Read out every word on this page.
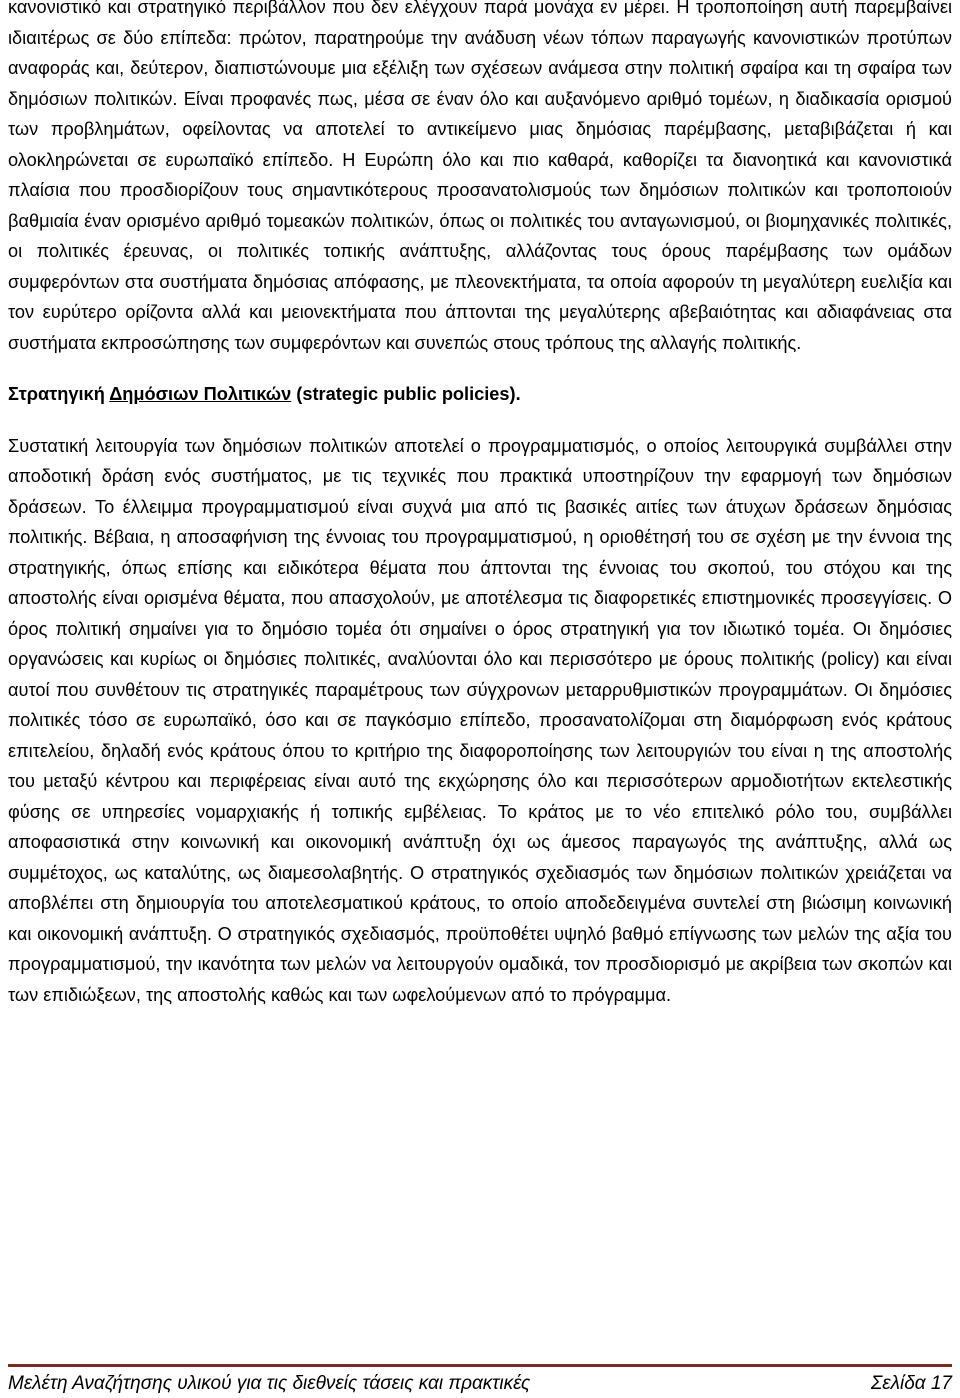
κανονιστικό και στρατηγικό περιβάλλον που δεν ελέγχουν παρά μονάχα εν μέρει. Η τροποποίηση αυτή παρεμβαίνει ιδιαιτέρως σε δύο επίπεδα: πρώτον, παρατηρούμε την ανάδυση νέων τόπων παραγωγής κανονιστικών προτύπων αναφοράς και, δεύτερον, διαπιστώνουμε μια εξέλιξη των σχέσεων ανάμεσα στην πολιτική σφαίρα και τη σφαίρα των δημόσιων πολιτικών. Είναι προφανές πως, μέσα σε έναν όλο και αυξανόμενο αριθμό τομέων, η διαδικασία ορισμού των προβλημάτων, οφείλοντας να αποτελεί το αντικείμενο μιας δημόσιας παρέμβασης, μεταβιβάζεται ή και ολοκληρώνεται σε ευρωπαϊκό επίπεδο. Η Ευρώπη όλο και πιο καθαρά, καθορίζει τα διανοητικά και κανονιστικά πλαίσια που προσδιορίζουν τους σημαντικότερους προσανατολισμούς των δημόσιων πολιτικών και τροποποιούν βαθμιαία έναν ορισμένο αριθμό τομεακών πολιτικών, όπως οι πολιτικές του ανταγωνισμού, οι βιομηχανικές πολιτικές, οι πολιτικές έρευνας, οι πολιτικές τοπικής ανάπτυξης, αλλάζοντας τους όρους παρέμβασης των ομάδων συμφερόντων στα συστήματα δημόσιας απόφασης, με πλεονεκτήματα, τα οποία αφορούν τη μεγαλύτερη ευελιξία και τον ευρύτερο ορίζοντα αλλά και μειονεκτήματα που άπτονται της μεγαλύτερης αβεβαιότητας και αδιαφάνειας στα συστήματα εκπροσώπησης των συμφερόντων και συνεπώς στους τρόπους της αλλαγής πολιτικής.

Στρατηγική Δημόσιων Πολιτικών (strategic public policies).

Συστατική λειτουργία των δημόσιων πολιτικών αποτελεί ο προγραμματισμός, ο οποίος λειτουργικά συμβάλλει στην αποδοτική δράση ενός συστήματος, με τις τεχνικές που πρακτικά υποστηρίζουν την εφαρμογή των δημόσιων δράσεων. Το έλλειμμα προγραμματισμού είναι συχνά μια από τις βασικές αιτίες των άτυχων δράσεων δημόσιας πολιτικής. Βέβαια, η αποσαφήνιση της έννοιας του προγραμματισμού, η οριοθέτησή του σε σχέση με την έννοια της στρατηγικής, όπως επίσης και ειδικότερα θέματα που άπτονται της έννοιας του σκοπού, του στόχου και της αποστολής είναι ορισμένα θέματα, που απασχολούν, με αποτέλεσμα τις διαφορετικές επιστημονικές προσεγγίσεις. Ο όρος πολιτική σημαίνει για το δημόσιο τομέα ότι σημαίνει ο όρος στρατηγική για τον ιδιωτικό τομέα. Οι δημόσιες οργανώσεις και κυρίως οι δημόσιες πολιτικές, αναλύονται όλο και περισσότερο με όρους πολιτικής (policy) και είναι αυτοί που συνθέτουν τις στρατηγικές παραμέτρους των σύγχρονων μεταρρυθμιστικών προγραμμάτων. Οι δημόσιες πολιτικές τόσο σε ευρωπαϊκό, όσο και σε παγκόσμιο επίπεδο, προσανατολίζομαι στη διαμόρφωση ενός κράτους επιτελείου, δηλαδή ενός κράτους όπου το κριτήριο της διαφοροποίησης των λειτουργιών του είναι η της αποστολής του μεταξύ κέντρου και περιφέρειας είναι αυτό της εκχώρησης όλο και περισσότερων αρμοδιοτήτων εκτελεστικής φύσης σε υπηρεσίες νομαρχιακής ή τοπικής εμβέλειας. Το κράτος με το νέο επιτελικό ρόλο του, συμβάλλει αποφασιστικά στην κοινωνική και οικονομική ανάπτυξη όχι ως άμεσος παραγωγός της ανάπτυξης, αλλά ως συμμέτοχος, ως καταλύτης, ως διαμεσολαβητής. Ο στρατηγικός σχεδιασμός των δημόσιων πολιτικών χρειάζεται να αποβλέπει στη δημιουργία του αποτελεσματικού κράτους, το οποίο αποδεδειγμένα συντελεί στη βιώσιμη κοινωνική και οικονομική ανάπτυξη. Ο στρατηγικός σχεδιασμός, προϋποθέτει υψηλό βαθμό επίγνωσης των μελών της αξία του προγραμματισμού, την ικανότητα των μελών να λειτουργούν ομαδικά, τον προσδιορισμό με ακρίβεια των σκοπών και των επιδιώξεων, της αποστολής καθώς και των ωφελούμενων από το πρόγραμμα.

Μελέτη Αναζήτησης υλικού για τις διεθνείς τάσεις και πρακτικές	Σελίδα 17
